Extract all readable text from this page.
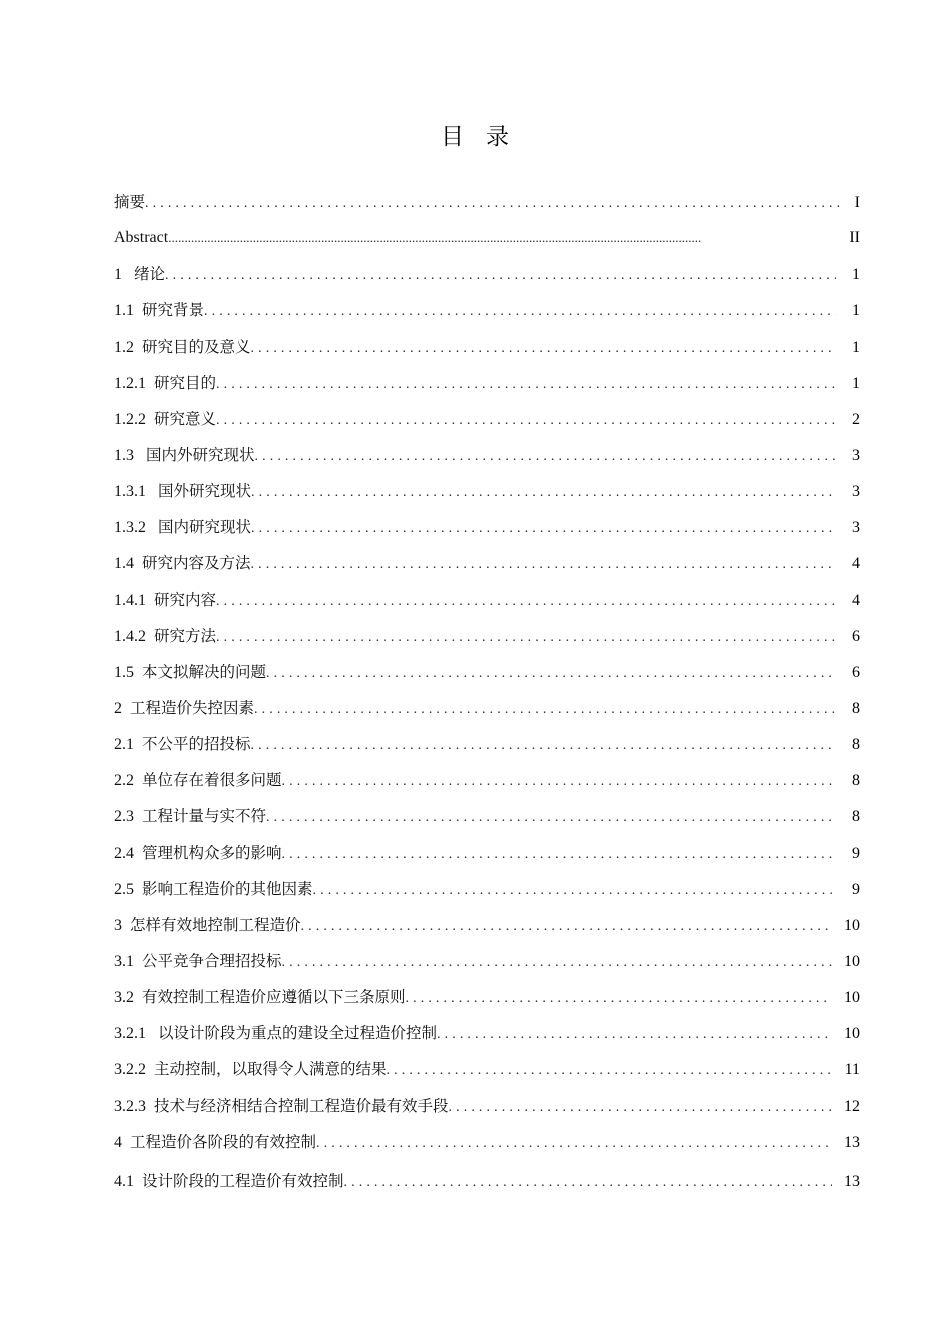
目录
摘要 .....	I
Abstract .....	II
1 绪论 .....	1
1.1 研究背景 .....	1
1.2 研究目的及意义 .....	1
1.2.1 研究目的 .....	1
1.2.2 研究意义 .....	2
1.3 国内外研究现状 .....	3
1.3.1 国外研究现状 .....	3
1.3.2 国内研究现状 .....	3
1.4 研究内容及方法 .....	4
1.4.1 研究内容 .....	4
1.4.2 研究方法 .....	6
1.5 本文拟解决的问题 .....	6
2 工程造价失控因素 .....	8
2.1 不公平的招投标 .....	8
2.2 单位存在着很多问题 .....	8
2.3 工程计量与实不符 .....	8
2.4 管理机构众多的影响 .....	9
2.5 影响工程造价的其他因素 .....	9
3 怎样有效地控制工程造价 .....	10
3.1 公平竞争合理招投标 .....	10
3.2 有效控制工程造价应遵循以下三条原则 .....	10
3.2.1 以设计阶段为重点的建设全过程造价控制 .....	10
3.2.2 主动控制，以取得令人满意的结果 .....	11
3.2.3 技术与经济相结合控制工程造价最有效手段 .....	12
4 工程造价各阶段的有效控制 .....	13
4.1 设计阶段的工程造价有效控制 .....	13
